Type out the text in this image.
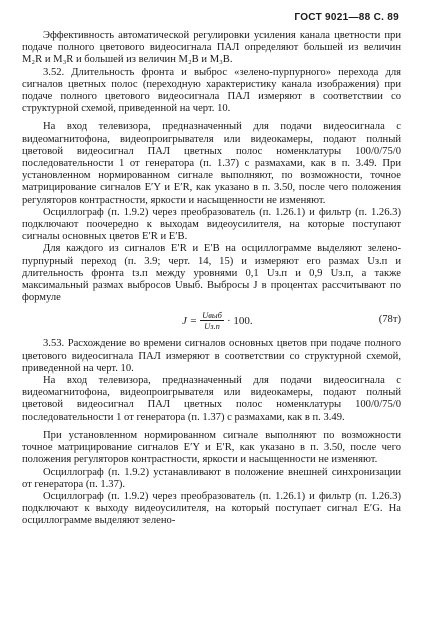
ГОСТ 9021—88 С. 89

Эффективность автоматической регулировки усиления канала цветности при подаче полного цветового видеосигнала ПАЛ определяют большей из величин M₂R и M₃R и большей из величин M₂B и M₃B.

3.52. Длительность фронта и выброс «зелено-пурпурного» перехода для сигналов цветных полос (переходную характеристику канала изображения) при подаче полного цветового видеосигнала ПАЛ измеряют в соответствии со структурной схемой, приведенной на черт. 10.

На вход телевизора, предназначенный для подачи видеосигнала с видеомагнитофона, видеопроигрывателя или видеокамеры, подают полный цветовой видеосигнал ПАЛ цветных полос номенклатуры 100/0/75/0 последовательности 1 от генератора (п. 1.37) с размахами, как в п. 3.49. При установленном нормированном сигнале выполняют, по возможности, точное матрицирование сигналов E′Y и E′R, как указано в п. 3.50, после чего положения регуляторов контрастности, яркости и насыщенности не изменяют.

Осциллограф (п. 1.9.2) через преобразователь (п. 1.26.1) и фильтр (п. 1.26.3) подключают поочередно к выходам видеоусилителя, на которые поступают сигналы основных цветов E′R и E′B.

Для каждого из сигналов E′R и E′B на осциллограмме выделяют зелено-пурпурный переход (п. 3.9; черт. 14, 15) и измеряют его размах Uз.п и длительность фронта tз.п между уровнями 0,1 Uз.п и 0,9 Uз.п, а также максимальный размах выбросов Uвыб. Выбросы J в процентах рассчитывают по формуле

$J = \frac{\text{Uвыб}}{Uз.п} \cdot 100$.	(78т)

3.53. Расхождение во времени сигналов основных цветов при подаче полного цветового видеосигнала ПАЛ измеряют в соответствии со структурной схемой, приведенной на черт. 10.

На вход телевизора, предназначенный для подачи видеосигнала с видеомагнитофона, видеопроигрывателя или видеокамеры, подают полный цветовой видеосигнал ПАЛ цветных полос номенклатуры 100/0/75/0 последовательности 1 от генератора (п. 1.37) с размахами, как в п. 3.49.

При установленном нормированном сигнале выполняют по возможности точное матрицирование сигналов E′Y и E′R, как указано в п. 3.50, после чего положения регуляторов контрастности, яркости и насыщенности не изменяют.

Осциллограф (п. 1.9.2) устанавливают в положение внешней синхронизации от генератора (п. 1.37).

Осциллограф (п. 1.9.2) через преобразователь (п. 1.26.1) и фильтр (п. 1.26.3) подключают к выходу видеоусилителя, на который поступает сигнал E′G. На осциллограмме выделяют зелено-
